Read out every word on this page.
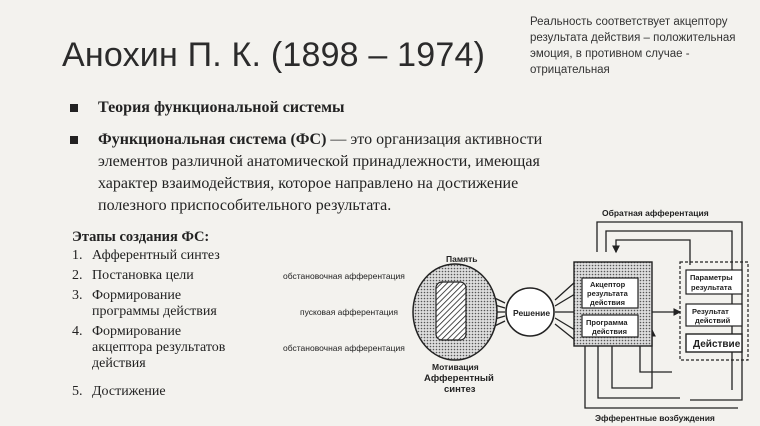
Анохин П. К. (1898 – 1974)
Реальность соответствует акцептору результата действия – положительная эмоция, в противном случае - отрицательная
Теория функциональной системы
Функциональная система (ФС) — это организация активности
элементов различной анатомической принадлежности, имеющая
характер взаимодействия, которое направлено на достижение
полезного приспособительного результата.
Этапы создания ФС:
1. Афферентный синтез
2. Постановка цели
3. Формирование
программы действия
4. Формирование
акцептора результатов
действия
5. Достижение
Обратная афферентация
Эфферентные возбуждения
Память
Мотивация
Афферентный
синтез
обстановочная афферентация
пусковая афферентация
обстановочная афферентация
Решение
Акцептор
результата
действия
Программа
действия
Параметры
результата
Результат
действий
Действие
